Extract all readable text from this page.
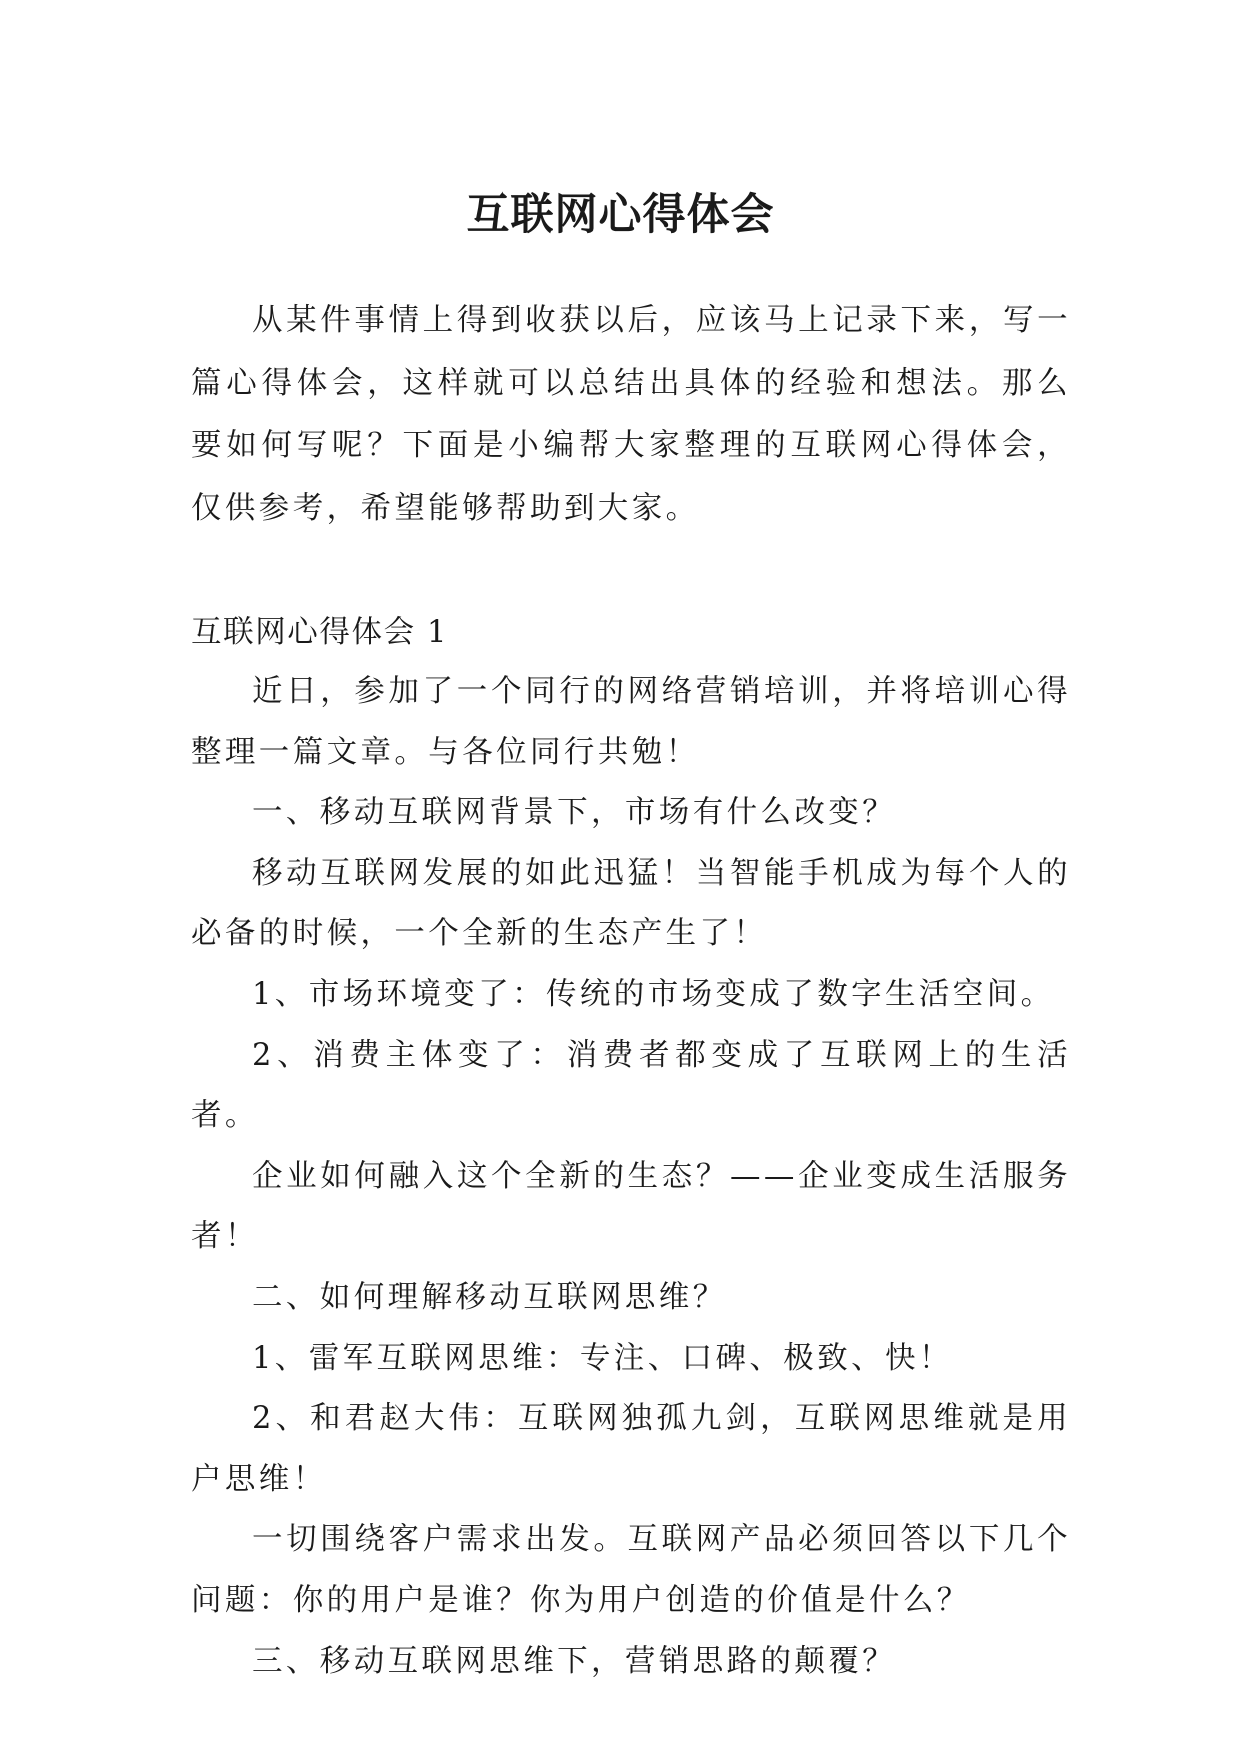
互联网心得体会

从某件事情上得到收获以后，应该马上记录下来，写一篇心得体会，这样就可以总结出具体的经验和想法。那么要如何写呢？下面是小编帮大家整理的互联网心得体会，仅供参考，希望能够帮助到大家。

互联网心得体会 1

近日，参加了一个同行的网络营销培训，并将培训心得整理一篇文章。与各位同行共勉！

一、移动互联网背景下，市场有什么改变？

移动互联网发展的如此迅猛！当智能手机成为每个人的必备的时候，一个全新的生态产生了！

1、市场环境变了：传统的市场变成了数字生活空间。

2、消费主体变了：消费者都变成了互联网上的生活者。

企业如何融入这个全新的生态？——企业变成生活服务者！

二、如何理解移动互联网思维？

1、雷军互联网思维：专注、口碑、极致、快！

2、和君赵大伟：互联网独孤九剑，互联网思维就是用户思维！

一切围绕客户需求出发。互联网产品必须回答以下几个问题：你的用户是谁？你为用户创造的价值是什么？

三、移动互联网思维下，营销思路的颠覆？
